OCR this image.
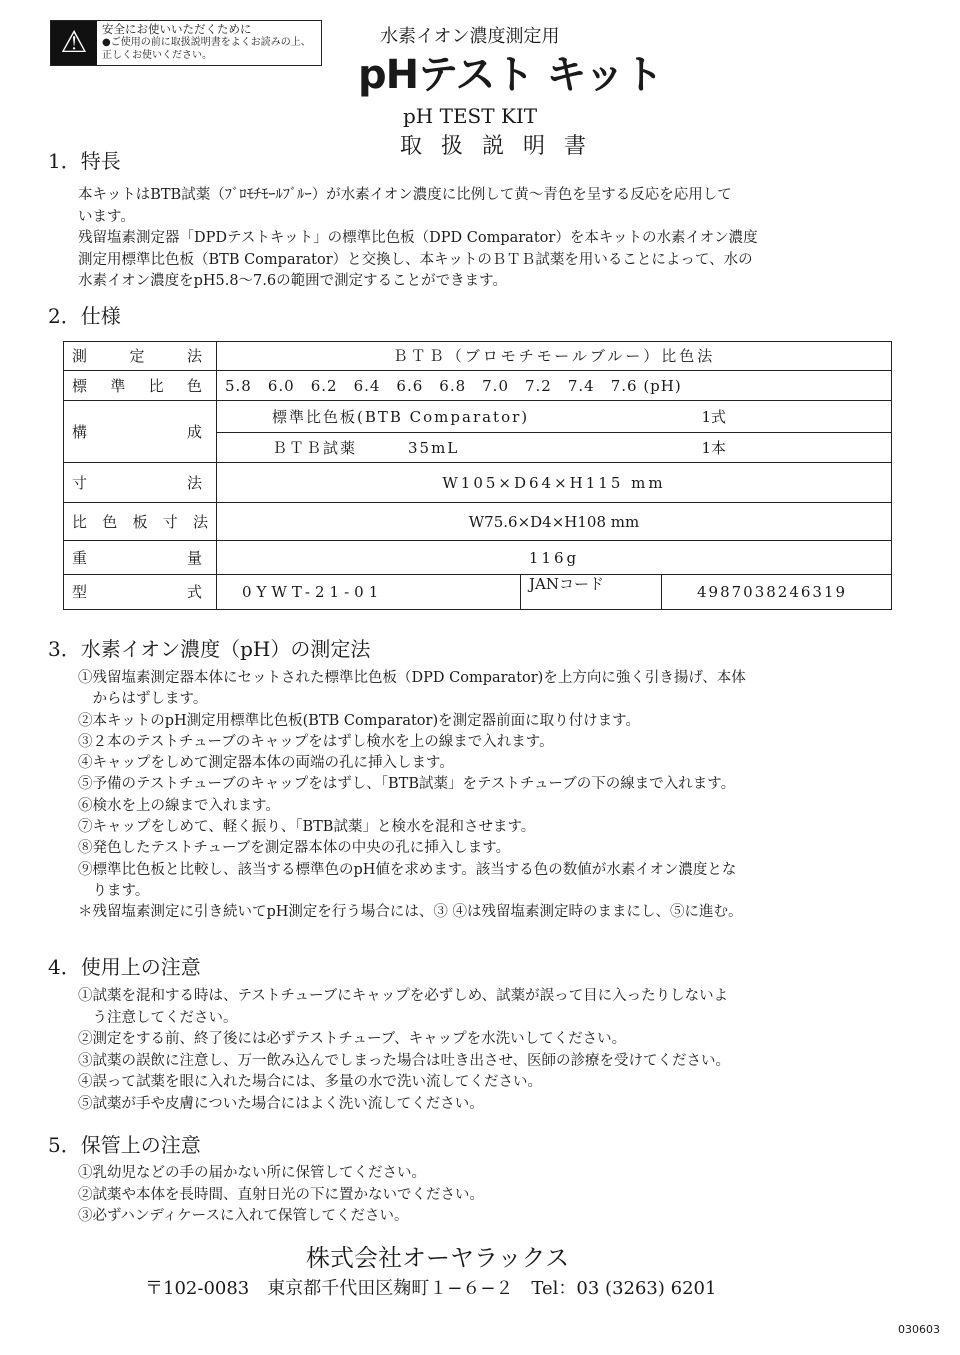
⚠	安全にお使いいただくために
●ご使用の前に取扱説明書をよくお読みの上、
正しくお使いください。
水素イオン濃度測定用
pHテスト キット
pH TEST KIT
取 扱 説 明 書
1．特長
本キットはBTB試薬（ﾌﾞﾛﾓﾁﾓｰﾙﾌﾞﾙｰ）が水素イオン濃度に比例して黄〜青色を呈する反応を応用して
います。
残留塩素測定器「DPDテストキット」の標準比色板（DPD Comparator）を本キットの水素イオン濃度
測定用標準比色板（BTB Comparator）と交換し、本キットのＢＴＢ試薬を用いることによって、水の
水素イオン濃度をpH5.8〜7.6の範囲で測定することができます。
2．仕様
測定法	ＢＴＢ（ブロモチモールブルー）比色法		
標準比色	5.8　6.0　6.2　6.4　6.6　6.8　7.0　7.2　7.4　7.6 (pH)		
構成	標準比色板(BTB Comparator)		1式
	ＢＴＢ試薬　　　35mL		1本
寸法	W105×D64×H115 mm		
比色板寸法	W75.6×D4×H108 mm		
重量	116g		
型式	0YWT-21-01	JANコード	4987038246319
3．水素イオン濃度（pH）の測定法
①残留塩素測定器本体にセットされた標準比色板（DPD Comparator)を上方向に強く引き揚げ、本体
　からはずします。
②本キットのpH測定用標準比色板(BTB Comparator)を測定器前面に取り付けます。
③２本のテストチューブのキャップをはずし検水を上の線まで入れます。
④キャップをしめて測定器本体の両端の孔に挿入します。
⑤予備のテストチューブのキャップをはずし、「BTB試薬」をテストチューブの下の線まで入れます。
⑥検水を上の線まで入れます。
⑦キャップをしめて、軽く振り、「BTB試薬」と検水を混和させます。
⑧発色したテストチューブを測定器本体の中央の孔に挿入します。
⑨標準比色板と比較し、該当する標準色のpH値を求めます。該当する色の数値が水素イオン濃度とな
　ります。
＊残留塩素測定に引き続いてpH測定を行う場合には、③ ④は残留塩素測定時のままにし、⑤に進む。
4．使用上の注意
①試薬を混和する時は、テストチューブにキャップを必ずしめ、試薬が誤って目に入ったりしないよ
　う注意してください。
②測定をする前、終了後には必ずテストチューブ、キャップを水洗いしてください。
③試薬の誤飲に注意し、万一飲み込んでしまった場合は吐き出させ、医師の診療を受けてください。
④誤って試薬を眼に入れた場合には、多量の水で洗い流してください。
⑤試薬が手や皮膚についた場合にはよく洗い流してください。
5．保管上の注意
①乳幼児などの手の届かない所に保管してください。
②試薬や本体を長時間、直射日光の下に置かないでください。
③必ずハンディケースに入れて保管してください。
株式会社オーヤラックス
〒102-0083　東京都千代田区麹町１−６−２　Tel：03 (3263) 6201
030603
